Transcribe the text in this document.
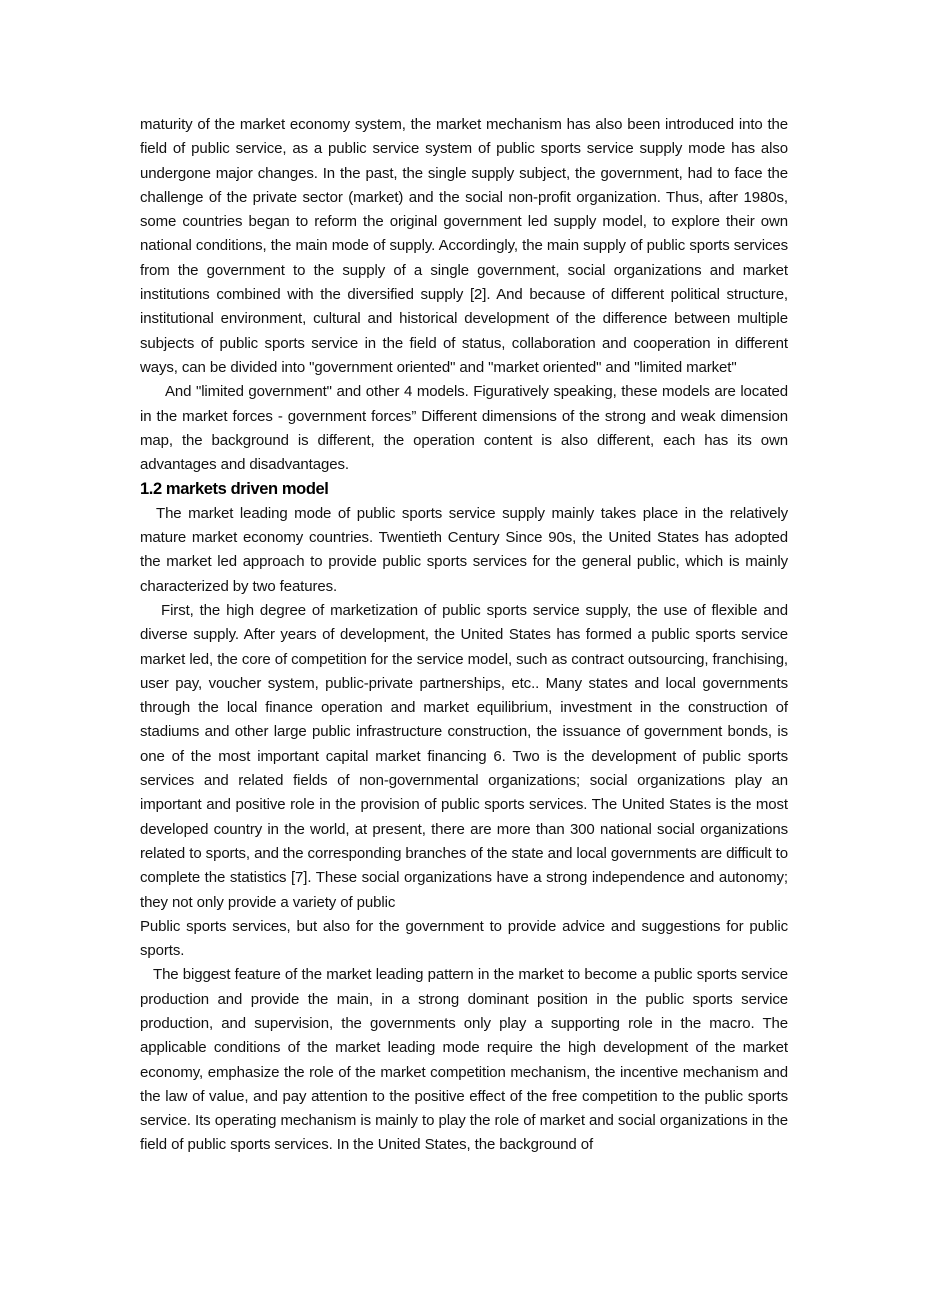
maturity of the market economy system, the market mechanism has also been introduced into the field of public service, as a public service system of public sports service supply mode has also undergone major changes. In the past, the single supply subject, the government, had to face the challenge of the private sector (market) and the social non-profit organization. Thus, after 1980s, some countries began to reform the original government led supply model, to explore their own national conditions, the main mode of supply. Accordingly, the main supply of public sports services from the government to the supply of a single government, social organizations and market institutions combined with the diversified supply [2]. And because of different political structure, institutional environment, cultural and historical development of the difference between multiple subjects of public sports service in the field of status, collaboration and cooperation in different ways, can be divided into "government oriented" and "market oriented" and "limited market"

And "limited government" and other 4 models. Figuratively speaking, these models are located in the market forces - government forces” Different dimensions of the strong and weak dimension map, the background is different, the operation content is also different, each has its own advantages and disadvantages.

1.2 markets driven model

The market leading mode of public sports service supply mainly takes place in the relatively mature market economy countries. Twentieth Century Since 90s, the United States has adopted the market led approach to provide public sports services for the general public, which is mainly characterized by two features.

First, the high degree of marketization of public sports service supply, the use of flexible and diverse supply. After years of development, the United States has formed a public sports service market led, the core of competition for the service model, such as contract outsourcing, franchising, user pay, voucher system, public-private partnerships, etc.. Many states and local governments through the local finance operation and market equilibrium, investment in the construction of stadiums and other large public infrastructure construction, the issuance of government bonds, is one of the most important capital market financing 6. Two is the development of public sports services and related fields of non-governmental organizations; social organizations play an important and positive role in the provision of public sports services. The United States is the most developed country in the world, at present, there are more than 300 national social organizations related to sports, and the corresponding branches of the state and local governments are difficult to complete the statistics [7]. These social organizations have a strong independence and autonomy; they not only provide a variety of public

Public sports services, but also for the government to provide advice and suggestions for public sports.

The biggest feature of the market leading pattern in the market to become a public sports service production and provide the main, in a strong dominant position in the public sports service production, and supervision, the governments only play a supporting role in the macro. The applicable conditions of the market leading mode require the high development of the market economy, emphasize the role of the market competition mechanism, the incentive mechanism and the law of value, and pay attention to the positive effect of the free competition to the public sports service. Its operating mechanism is mainly to play the role of market and social organizations in the field of public sports services. In the United States, the background of
